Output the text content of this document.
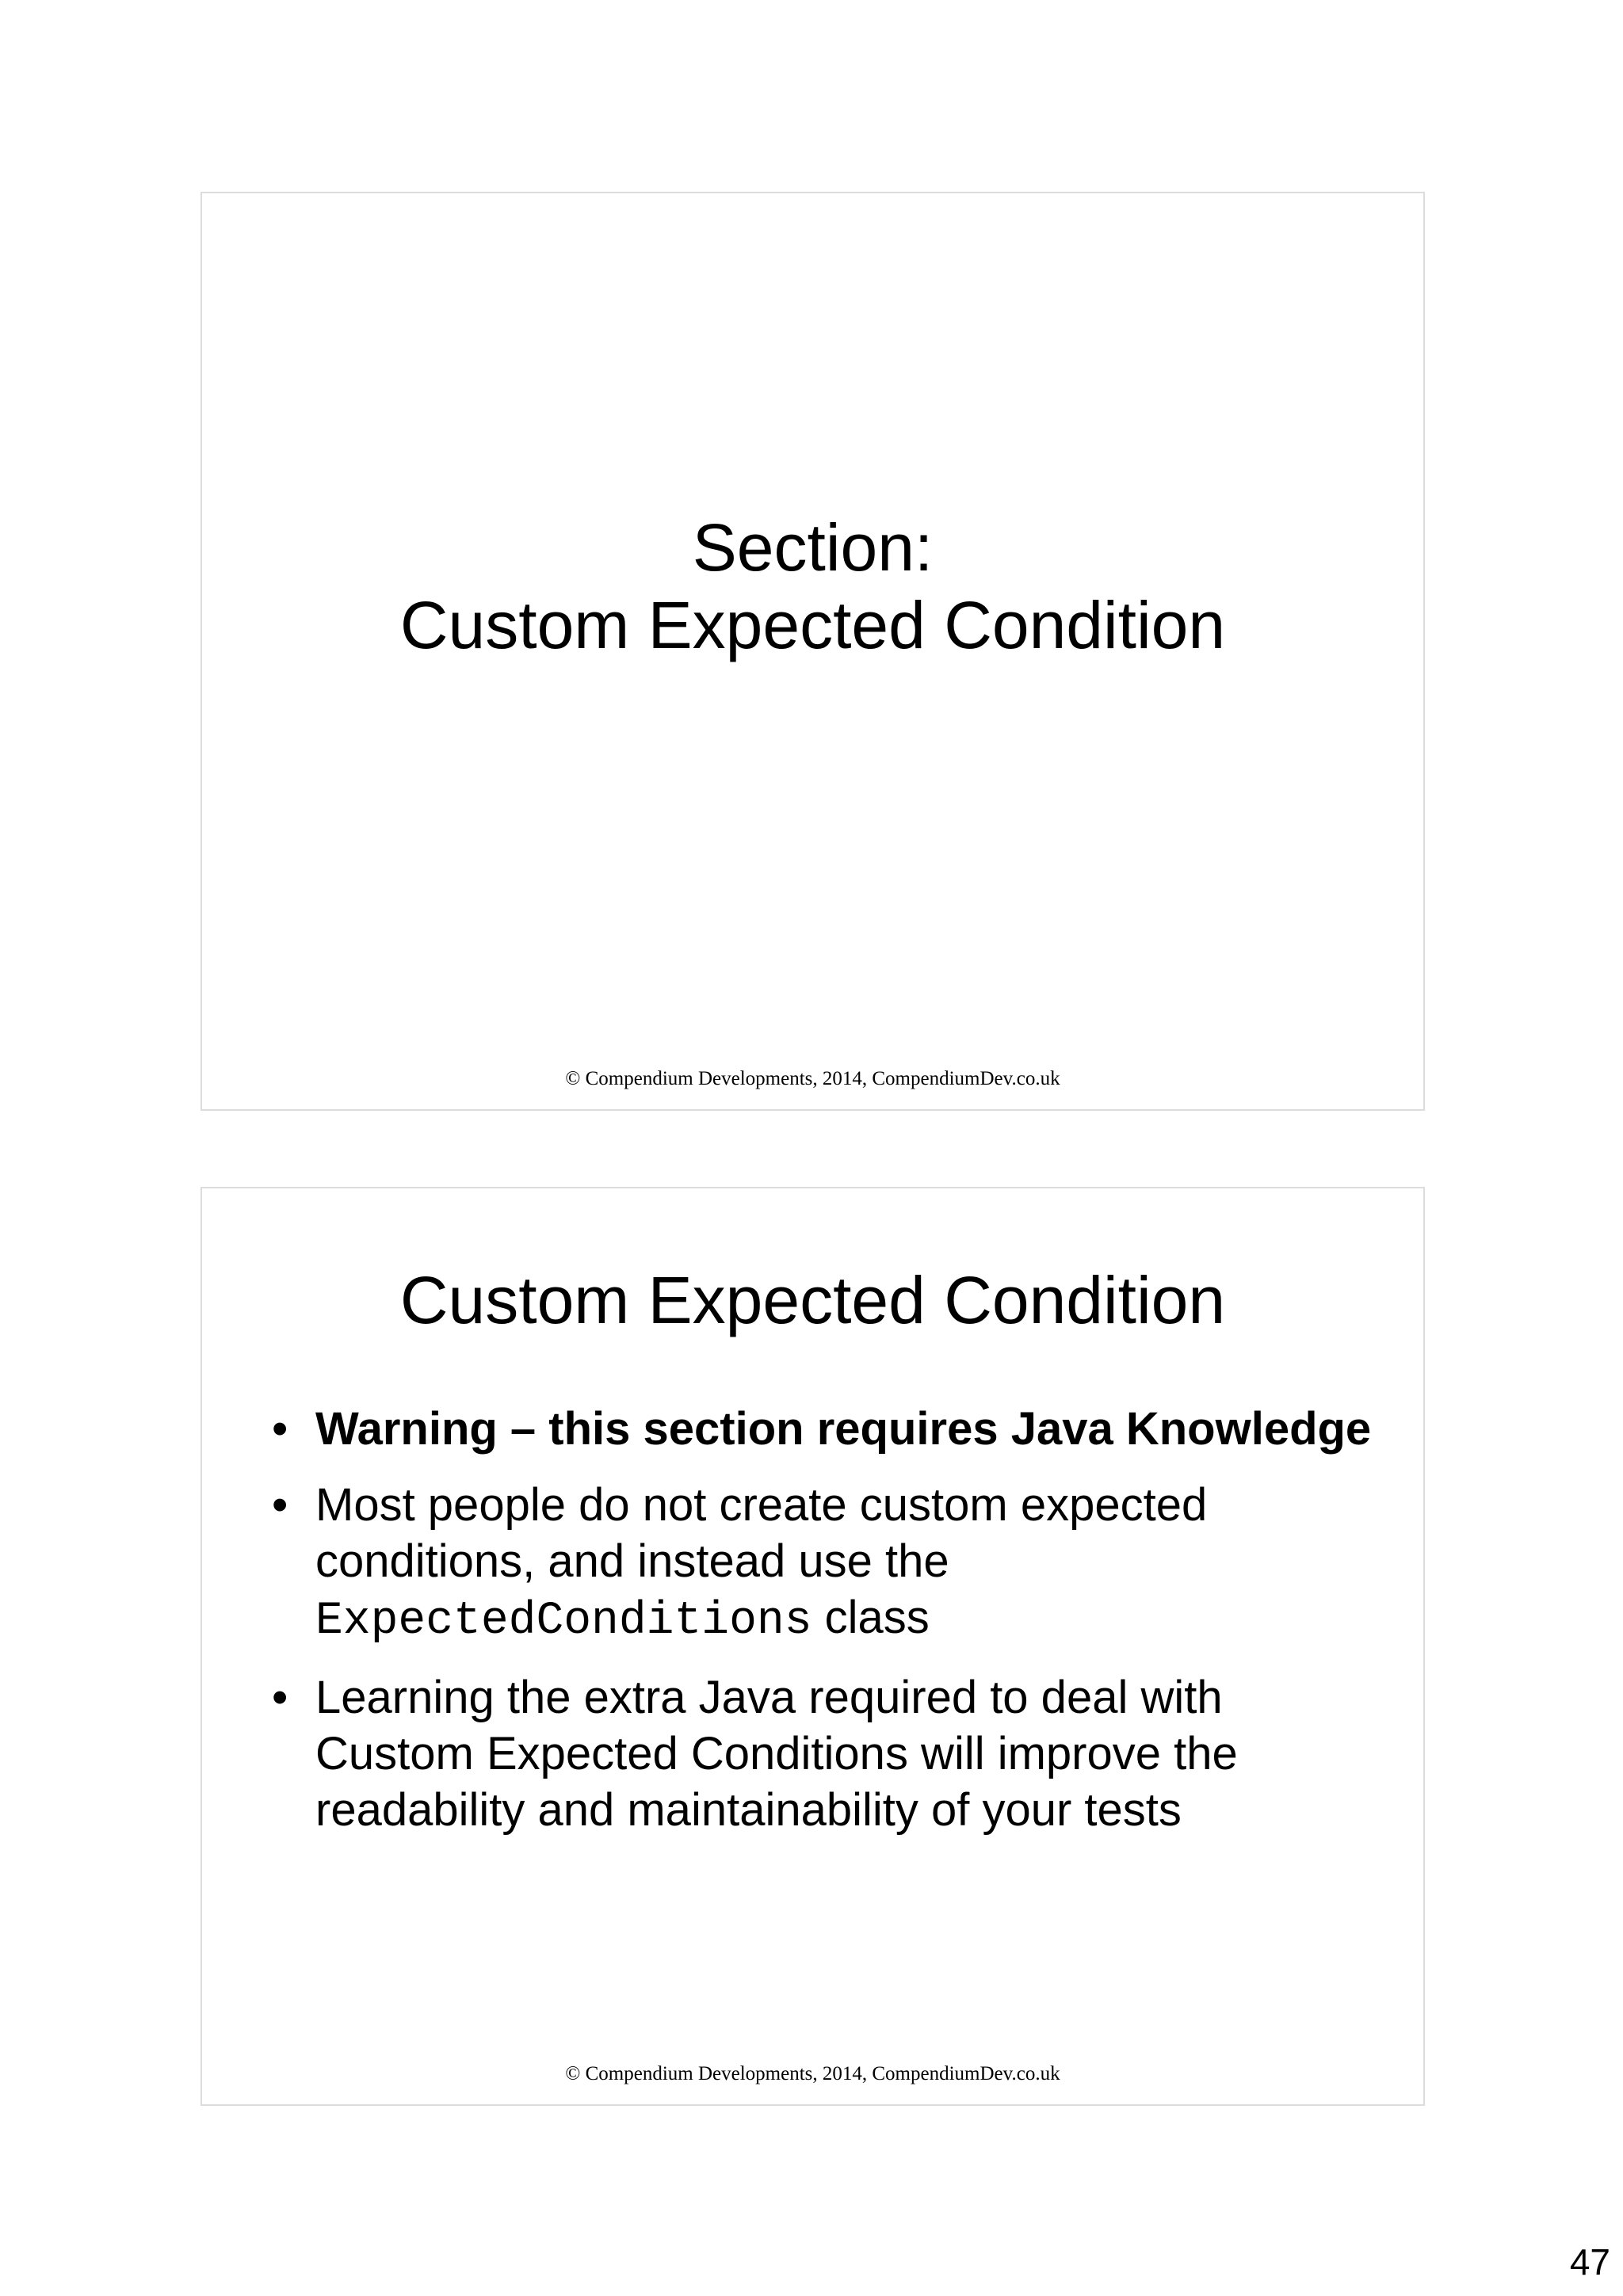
Section:
Custom Expected Condition
© Compendium Developments, 2014, CompendiumDev.co.uk
Custom Expected Condition
• Warning – this section requires Java Knowledge
• Most people do not create custom expected conditions, and instead use the
ExpectedConditions class
• Learning the extra Java required to deal with Custom Expected Conditions will improve the readability and maintainability of your tests
© Compendium Developments, 2014, CompendiumDev.co.uk
47
